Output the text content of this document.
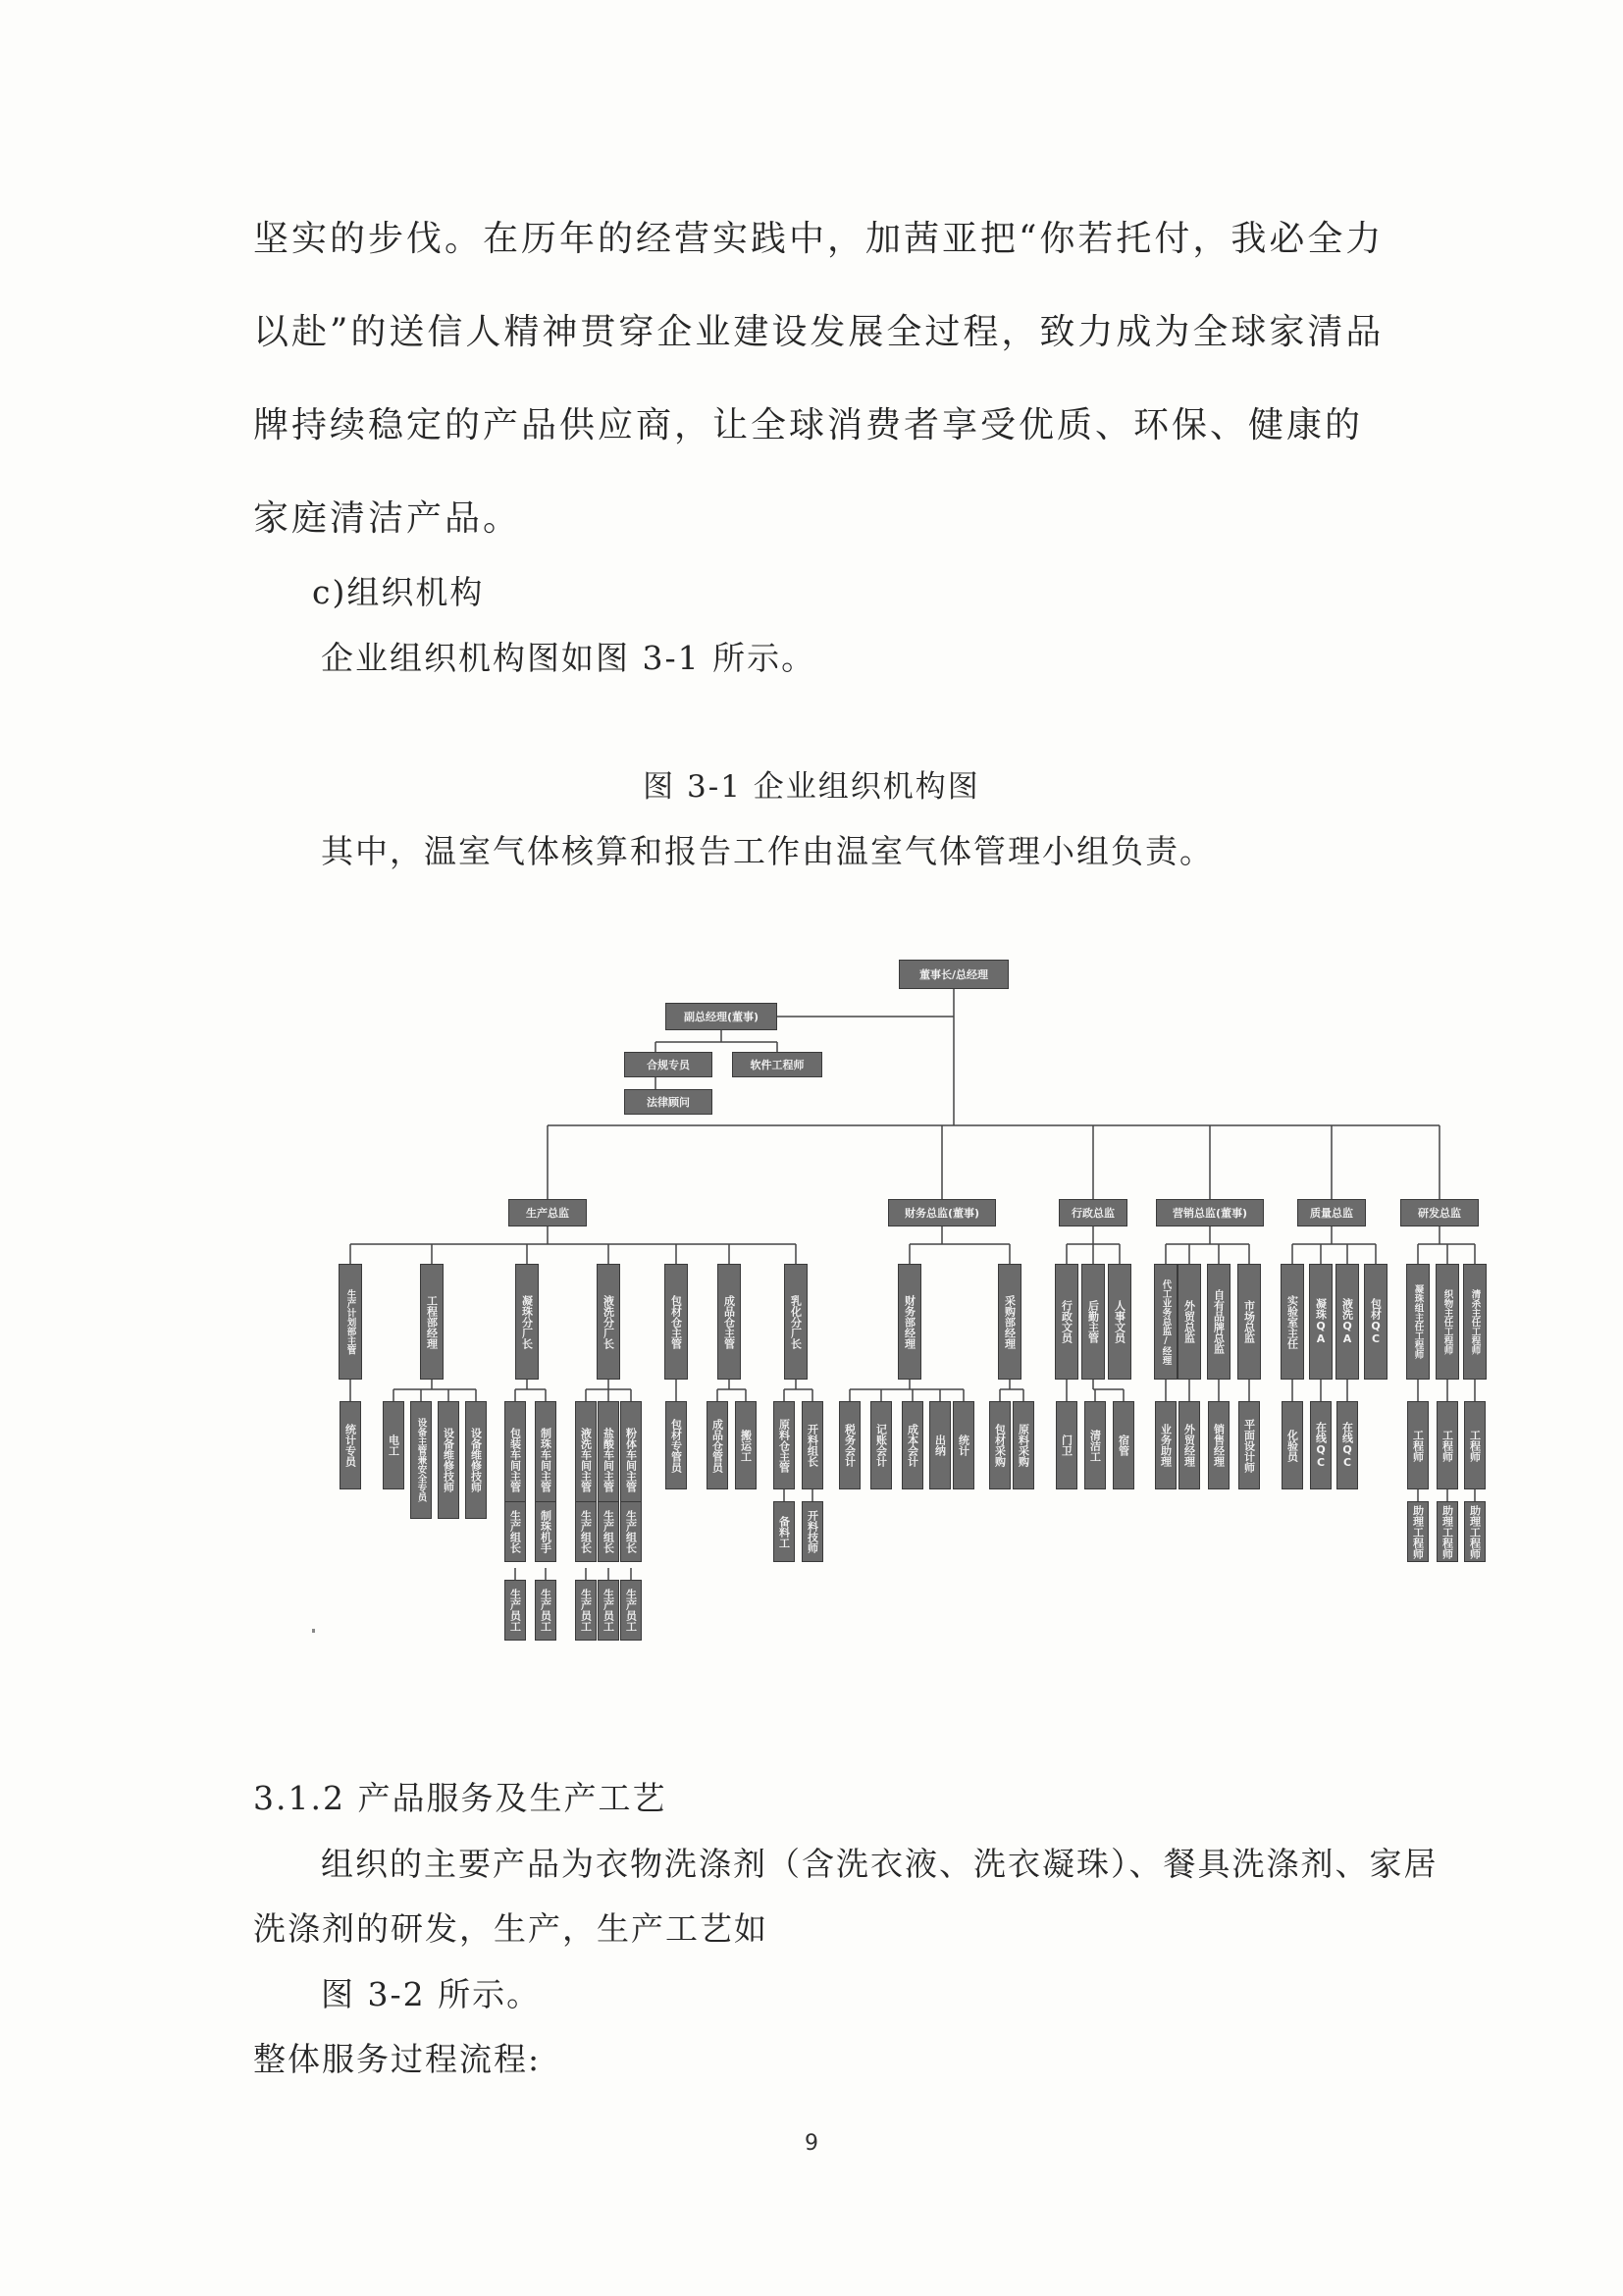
坚实的步伐。在历年的经营实践中，加茜亚把“你若托付，我必全力以赴”的送信人精神贯穿企业建设发展全过程，致力成为全球家清品牌持续稳定的产品供应商，让全球消费者享受优质、环保、健康的家庭清洁产品。

c)组织机构
企业组织机构图如图 3-1 所示。
图 3-1 企业组织机构图
其中，温室气体核算和报告工作由温室气体管理小组负责。
董事长/总经理
副总经理(董事)
合规专员	软件工程师
法律顾问
生产总监
生产计划部主管
统计专员
工程部经理
电工	设备主管兼安全专员	设备维修技师	设备维修技师
凝珠分厂长
包装车间主管
生产组长
生产员工
制珠车间主管
制珠机手
生产员工
液洗分厂长
液洗车间主管
生产组长
生产员工
盐酸车间主管
生产组长
生产员工
粉体车间主管
生产组长
生产员工
包材仓主管
包材专管员
成品仓主管
成品仓管员	搬运工
乳化分厂长
原料仓主管
备料工
开料组长
开料技师
财务总监(董事)
财务部经理
税务会计	记账会计	成本会计	出纳	统计
采购部经理
包材采购	原料采购
行政总监
行政文员
门卫
后勤主管
清洁工	宿管
人事文员
营销总监(董事)
代工业务总监/经理
业务助理
外贸总监
外贸经理
自有品牌总监
销售经理
市场总监
平面设计师
质量总监
实验室主任
化验员
凝珠QA
在线QC
液洗QA
在线QC
包材QC
研发总监
凝珠组主任工程师
工程师
助理工程师
织物主任工程师
工程师
助理工程师
清杀主任工程师
工程师
助理工程师
3.1.2 产品服务及生产工艺
组织的主要产品为衣物洗涤剂（含洗衣液、洗衣凝珠）、餐具洗涤剂、家居
洗涤剂的研发，生产，生产工艺如
图 3-2 所示。
整体服务过程流程:
9
